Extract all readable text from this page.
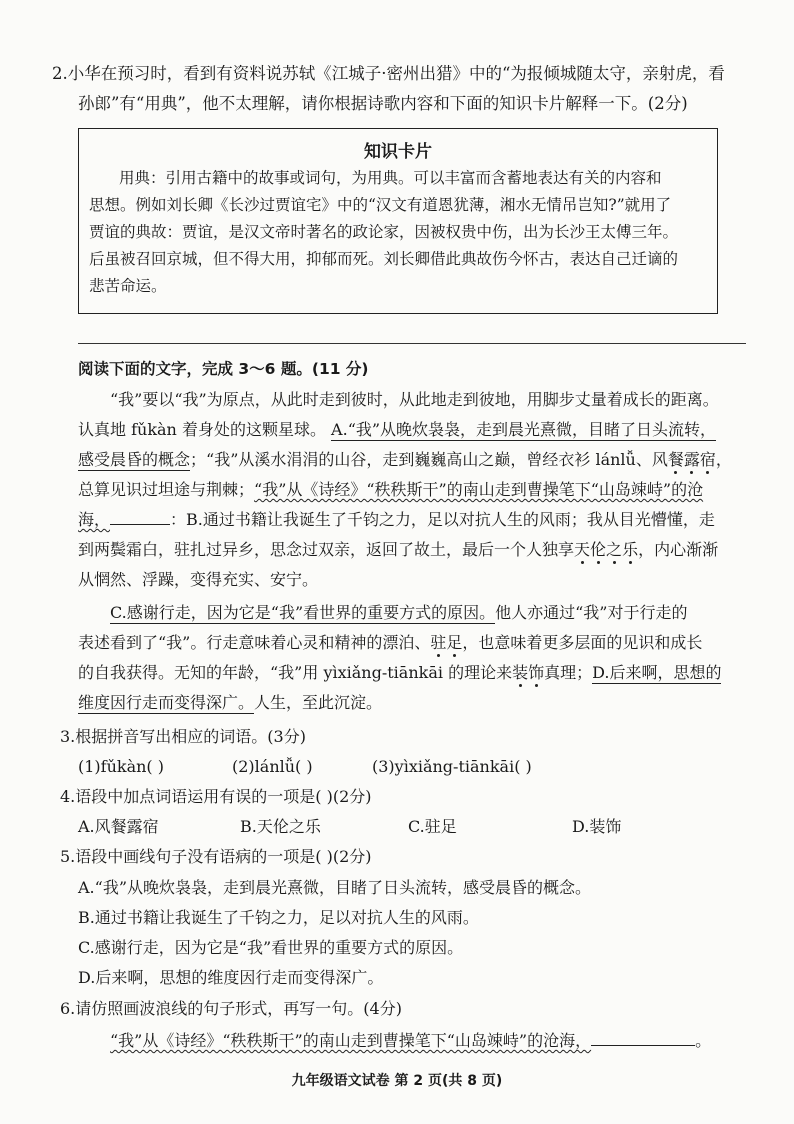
2.小华在预习时，看到有资料说苏轼《江城子·密州出猎》中的“为报倾城随太守，亲射虎，看
孙郎”有“用典”，他不太理解，请你根据诗歌内容和下面的知识卡片解释一下。(2分)
知识卡片
用典：引用古籍中的故事或词句，为用典。可以丰富而含蓄地表达有关的内容和
思想。例如刘长卿《长沙过贾谊宅》中的“汉文有道恩犹薄，湘水无情吊岂知?”就用了
贾谊的典故：贾谊，是汉文帝时著名的政论家，因被权贵中伤，出为长沙王太傅三年。
后虽被召回京城，但不得大用，抑郁而死。刘长卿借此典故伤今怀古，表达自己迁谪的
悲苦命运。
阅读下面的文字，完成 3～6 题。(11 分)
“我”要以“我”为原点，从此时走到彼时，从此地走到彼地，用脚步丈量着成长的距离。
认真地 fǔkàn 着身处的这颗星球。 A.“我”从晚炊袅袅，走到晨光熹微，目睹了日头流转，
感受晨昏的概念；“我”从溪水涓涓的山谷，走到巍巍高山之巅，曾经衣衫 lánlǚ、风餐露宿，
总算见识过坦途与荆棘；“我”从《诗经》“秩秩斯干”的南山走到曹操笔下“山岛竦峙”的沧
海，	：B.通过书籍让我诞生了千钧之力，足以对抗人生的风雨；我从目光懵懂，走
到两鬓霜白，驻扎过异乡，思念过双亲，返回了故土，最后一个人独享天伦之乐，内心渐渐
从惘然、浮躁，变得充实、安宁。
C.感谢行走，因为它是“我”看世界的重要方式的原因。他人亦通过“我”对于行走的
表述看到了“我”。行走意味着心灵和精神的漂泊、驻足，也意味着更多层面的见识和成长
的自我获得。无知的年龄，“我”用 yìxiǎng-tiānkāi 的理论来装饰真理；D.后来啊，思想的
维度因行走而变得深广。人生，至此沉淀。
3.根据拼音写出相应的词语。(3分)
(1)fǔkàn( )	(2)lánlǚ( )	(3)yìxiǎng-tiānkāi( )
4.语段中加点词语运用有误的一项是( )(2分)
A.风餐露宿	B.天伦之乐	C.驻足	D.装饰
5.语段中画线句子没有语病的一项是( )(2分)
A.“我”从晚炊袅袅，走到晨光熹微，目睹了日头流转，感受晨昏的概念。
B.通过书籍让我诞生了千钧之力，足以对抗人生的风雨。
C.感谢行走，因为它是“我”看世界的重要方式的原因。
D.后来啊，思想的维度因行走而变得深广。
6.请仿照画波浪线的句子形式，再写一句。(4分)
“我”从《诗经》“秩秩斯干”的南山走到曹操笔下“山岛竦峙”的沧海，	。
九年级语文试卷 第 2 页(共 8 页)
